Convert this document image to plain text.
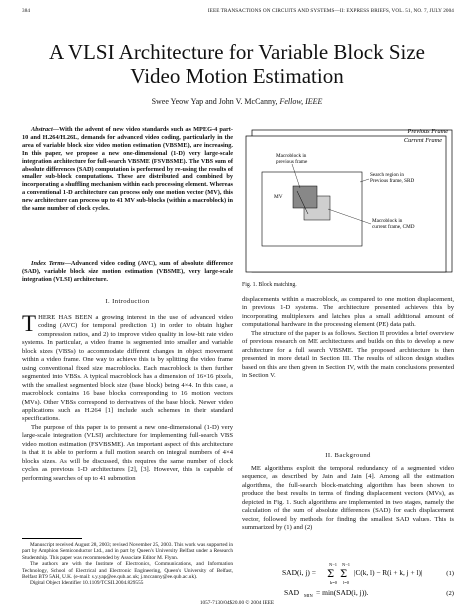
384	IEEE TRANSACTIONS ON CIRCUITS AND SYSTEMS—II: EXPRESS BRIEFS, VOL. 51, NO. 7, JULY 2004
A VLSI Architecture for Variable Block Size
Video Motion Estimation
Swee Yeow Yap and John V. McCanny, Fellow, IEEE
Abstract—With the advent of new video standards such as MPEG-4 part-10 and H.264/H.26L, demands for advanced video coding, particularly in the area of variable block size video motion estimation (VBSME), are increasing. In this paper, we propose a new one-dimensional (1-D) very large-scale integration architecture for full-search VBSME (FSVBSME). The VBS sum of absolute differences (SAD) computation is performed by re-using the results of smaller sub-block computations. These are distributed and combined by incorporating a shuffling mechanism within each processing element. Whereas a conventional 1-D architecture can process only one motion vector (MV), this new architecture can process up to 41 MV sub-blocks (within a macroblock) in the same number of clock cycles.
Index Terms—Advanced video coding (AVC), sum of absolute difference (SAD), variable block size motion estimation (VBSME), very large-scale integration (VLSI) architecture.
I. Introduction

THERE HAS BEEN a growing interest in the use of advanced video coding (AVC) for temporal prediction 1) in order to obtain higher compression ratios, and 2) to improve video quality in low-bit rate video systems. In particular, a video frame is segmented into smaller and variable block sizes (VBSs) to accommodate different changes in object movement within a video frame. One way to achieve this is by splitting the video frame using conventional fixed size macroblocks. Each macroblock is then further segmented into VBSs. A typical macroblock has a dimension of 16×16 pixels, with the smallest segmented block size (base block) being 4×4. In this case, a macroblock contains 16 base blocks corresponding to 16 motion vectors (MVs). Other VBSs correspond to derivatives of the base block. Newer video applications such as H.264 [1] include such schemes in their standard specifications.

The purpose of this paper is to present a new one-dimensional (1-D) very large-scale integration (VLSI) architecture for implementing full-search VBS video motion estimation (FSVBSME). An important aspect of this architecture is that it is able to perform a full motion search on integral numbers of 4×4 blocks sizes. As will be discussed, this requires the same number of clock cycles as previous 1-D architectures [2], [3]. However, this is capable of performing searches of up to 41 submotion

Manuscript received August 28, 2003; revised November 25, 2003. This work was supported in part by Amphion Semiconductor Ltd., and in part by Queen's University Belfast under a Research Studentship. This paper was recommended by Associate Editor M. Flynn.

The authors are with the Institute of Electronics, Communications, and Information Technology, School of Electrical and Electronic Engineering, Queen's University of Belfast, Belfast BT9 5AH, U.K. (e-mail: s.y.yap@ee.qub.ac.uk; j.mccanny@ee.qub.ac.uk).

Digital Object Identifier 10.1109/TCSII.2004.829555

1057-7130/04$20.00 © 2004 IEEE
Previous Frame
Current Frame
MV
Macroblock in previous frame
Search region in Previous frame, SRD
Macroblock in current frame, CMD
Fig. 1. Block matching.

displacements within a macroblock, as compared to one motion displacement, in previous 1-D systems. The architecture presented achieves this by incorporating multiplexers and latches plus a small additional amount of computational hardware in the processing element (PE) data path.

The structure of the paper is as follows. Section II provides a brief overview of previous research on ME architectures and builds on this to develop a new architecture for a full search VBSME. The proposed architecture is then presented in more detail in Section III. The results of silicon design studies based on this are then given in Section IV, with the main conclusions presented in Section V.

II. Background

ME algorithms exploit the temporal redundancy of a segmented video sequence, as described by Jain and Jain [4]. Among all the estimation algorithms, the full-search block-matching algorithm has been shown to produce the best results in terms of finding displacement vectors (MVs), as depicted in Fig. 1. Such algorithms are implemented in two stages, namely the calculation of the sum of absolute differences (SAD) for each displacement vector, followed by methods for finding the smallest SAD values. This is summarized by (1) and (2)

SAD(i, j) =
N−1
Σ
k=0
N−1
Σ
l=0
|C(k, l) − R(i + k, j + l)|	(1)
SAD MIN = min(SAD(i, j)).	(2)
